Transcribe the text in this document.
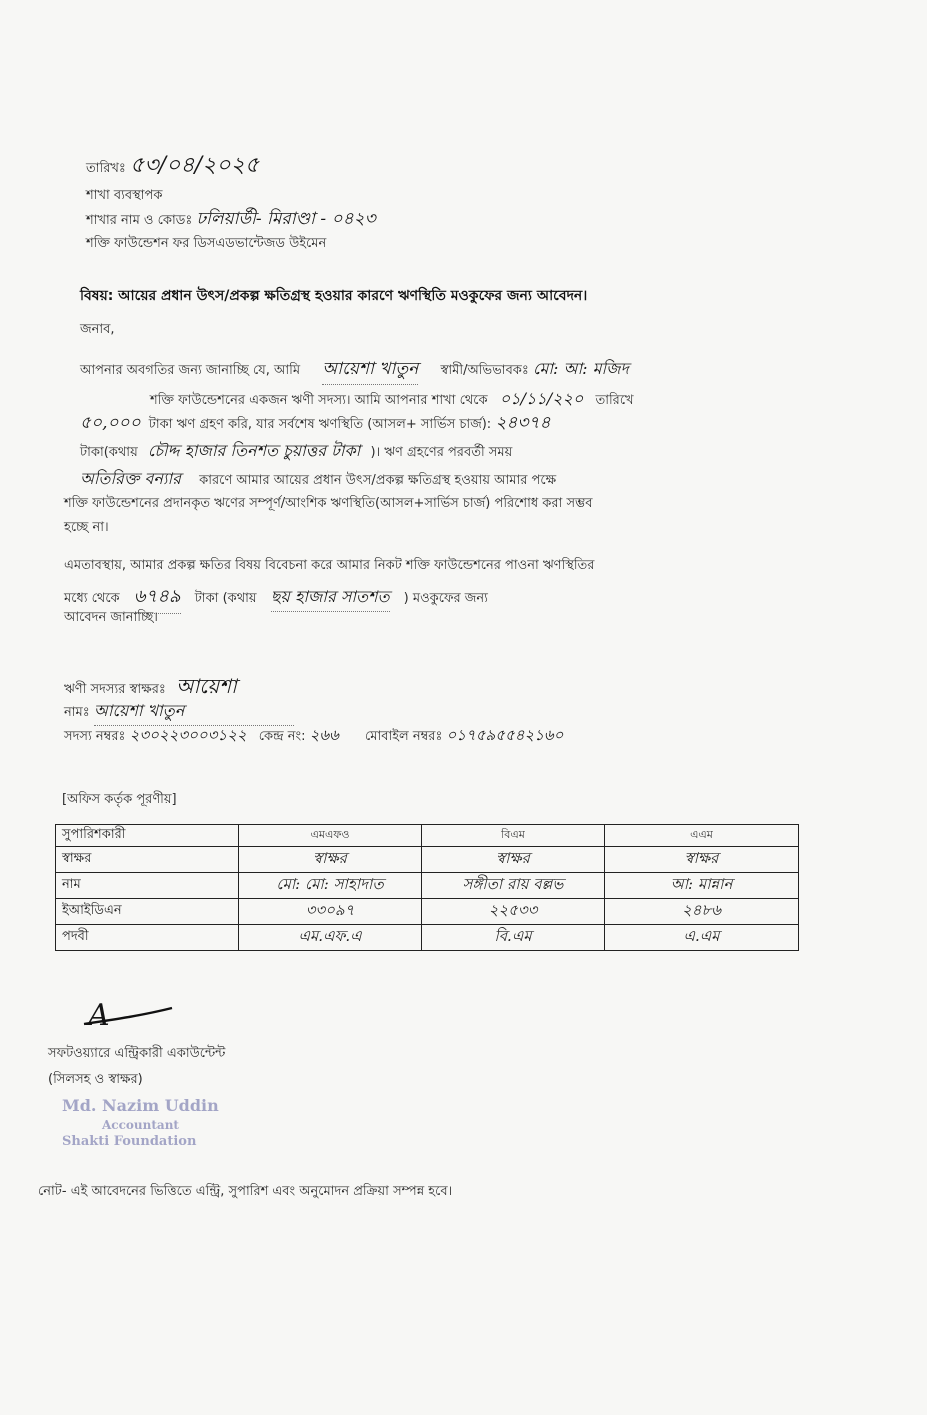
তারিখঃ ৫৩/০৪/২০২৫
শাখা ব্যবস্থাপক
শাখার নাম ও কোডঃ ঢলিয়ার্ডী- মিরাণ্ডা - ০৪২৩
শক্তি ফাউন্ডেশন ফর ডিসএডভান্টেজড উইমেন
বিষয়: আয়ের প্রধান উৎস/প্রকল্প ক্ষতিগ্রস্থ হওয়ার কারণে ঋণস্থিতি মওকুফের জন্য আবেদন।
জনাব,
আপনার অবগতির জন্য জানাচ্ছি যে, আমি আয়েশা খাতুন স্বামী/অভিভাবকঃ মো: আ: মজিদ
শক্তি ফাউন্ডেশনের একজন ঋণী সদস্য। আমি আপনার শাখা থেকে ০১/১১/২২০ তারিখে
৫০,০০০ টাকা ঋণ গ্রহণ করি, যার সর্বশেষ ঋণস্থিতি (আসল+ সার্ভিস চার্জ): ২৪৩৭৪
টাকা(কথায় চৌদ্দ হাজার তিনশত চুয়াত্তর টাকা )। ঋণ গ্রহণের পরবর্তী সময়
অতিরিক্ত বন্যার কারণে আমার আয়ের প্রধান উৎস/প্রকল্প ক্ষতিগ্রস্থ হওয়ায় আমার পক্ষে
শক্তি ফাউন্ডেশনের প্রদানকৃত ঋণের সম্পূর্ণ/আংশিক ঋণস্থিতি(আসল+সার্ভিস চার্জ) পরিশোধ করা সম্ভব
হচ্ছে না।
এমতাবস্থায়, আমার প্রকল্প ক্ষতির বিষয় বিবেচনা করে আমার নিকট শক্তি ফাউন্ডেশনের পাওনা ঋণস্থিতির
মধ্যে থেকে ৬৭৪৯ টাকা (কথায় ছয় হাজার সাতশত ) মওকুফের জন্য
আবেদন জানাচ্ছি।
ঋণী সদস্যর স্বাক্ষরঃ আয়েশা
নামঃ আয়েশা খাতুন
সদস্য নম্বরঃ ২৩০২২৩০০৩১২২ কেন্দ্র নং: ২৬৬ মোবাইল নম্বরঃ ০১৭৫৯৫৫৪২১৬০
[অফিস কর্তৃক পূরণীয়]
সুপারিশকারী	এমএফও	বিএম	এএম
স্বাক্ষর	স্বাক্ষর	স্বাক্ষর	স্বাক্ষর
নাম	মো: মো: সাহাদাত	সঙ্গীতা রায় বল্লভ	আ: মান্নান
ইআইডিএন	৩৩০৯৭	২২৫৩৩	২৪৮৬
পদবী	এম.এফ.এ	বি.এম	এ.এম
A
সফটওয়্যারে এন্ট্রিকারী একাউন্টেন্ট
(সিলসহ ও স্বাক্ষর)
Md. Nazim Uddin
Accountant
Shakti Foundation
নোট- এই আবেদনের ভিত্তিতে এন্ট্রি, সুপারিশ এবং অনুমোদন প্রক্রিয়া সম্পন্ন হবে।
